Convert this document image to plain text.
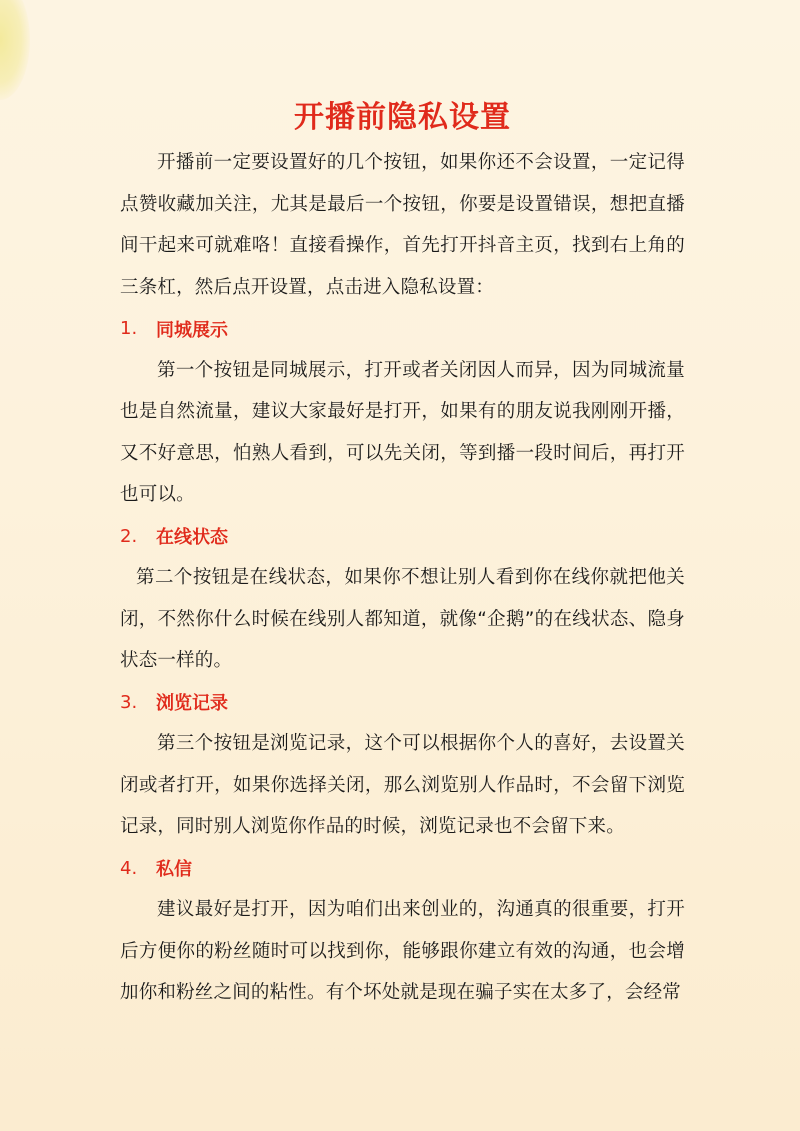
开播前隐私设置

开播前一定要设置好的几个按钮，如果你还不会设置，一定记得点赞收藏加关注，尤其是最后一个按钮，你要是设置错误，想把直播间干起来可就难咯！直接看操作，首先打开抖音主页，找到右上角的三条杠，然后点开设置，点击进入隐私设置：

1.	同城展示

第一个按钮是同城展示，打开或者关闭因人而异，因为同城流量也是自然流量，建议大家最好是打开，如果有的朋友说我刚刚开播，又不好意思，怕熟人看到，可以先关闭，等到播一段时间后，再打开也可以。

2.	在线状态

第二个按钮是在线状态，如果你不想让别人看到你在线你就把他关闭，不然你什么时候在线别人都知道，就像“企鹅”的在线状态、隐身状态一样的。

3.	浏览记录

第三个按钮是浏览记录，这个可以根据你个人的喜好，去设置关闭或者打开，如果你选择关闭，那么浏览别人作品时，不会留下浏览记录，同时别人浏览你作品的时候，浏览记录也不会留下来。

4.	私信

建议最好是打开，因为咱们出来创业的，沟通真的很重要，打开后方便你的粉丝随时可以找到你，能够跟你建立有效的沟通，也会增加你和粉丝之间的粘性。有个坏处就是现在骗子实在太多了，会经常
